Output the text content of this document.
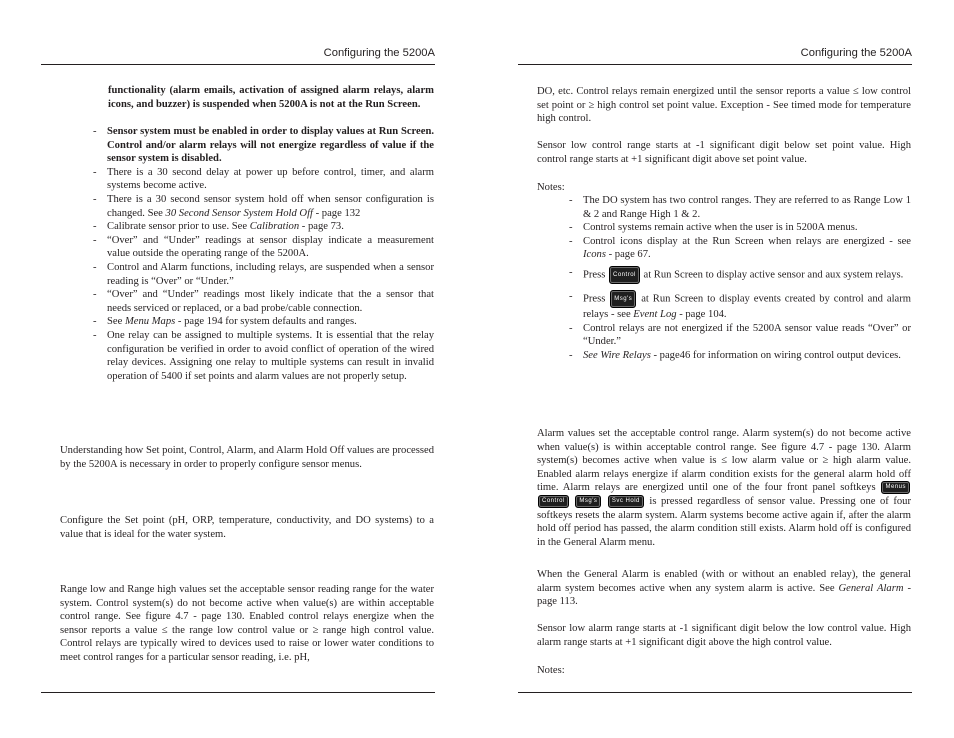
Configuring the 5200A

functionality (alarm emails, activation of assigned alarm relays, alarm icons, and buzzer) is suspended when 5200A is not at the Run Screen.

- Sensor system must be enabled in order to display values at Run Screen. Control and/or alarm relays will not energize regardless of value if the sensor system is disabled.
- There is a 30 second delay at power up before control, timer, and alarm systems become active.
- There is a 30 second sensor system hold off when sensor configuration is changed. See 30 Second Sensor System Hold Off - page 132
- Calibrate sensor prior to use. See Calibration - page 73.
- “Over” and “Under” readings at sensor display indicate a measurement value outside the operating range of the 5200A.
- Control and Alarm functions, including relays, are suspended when a sensor reading is “Over” or “Under.”
- “Over” and “Under” readings most likely indicate that the a sensor that needs serviced or replaced, or a bad probe/cable connection.
- See Menu Maps - page 194 for system defaults and ranges.
- One relay can be assigned to multiple systems. It is essential that the relay configuration be verified in order to avoid conflict of operation of the wired relay devices. Assigning one relay to multiple systems can result in invalid operation of 5400 if set points and alarm values are not properly setup.

Understanding how Set point, Control, Alarm, and Alarm Hold Off values are processed by the 5200A is necessary in order to properly configure sensor menus.

Configure the Set point (pH, ORP, temperature, conductivity, and DO systems) to a value that is ideal for the water system.

Range low and Range high values set the acceptable sensor reading range for the water system. Control system(s) do not become active when value(s) are within acceptable control range. See figure 4.7 - page 130. Enabled control relays energize when the sensor reports a value ≤ the range low control value or ≥ range high control value. Control relays are typically wired to devices used to raise or lower water conditions to meet control ranges for a particular sensor reading, i.e. pH,

Configuring the 5200A

DO, etc. Control relays remain energized until the sensor reports a value ≤ low control set point or ≥ high control set point value. Exception - See timed mode for temperature high control.

Sensor low control range starts at -1 significant digit below set point value. High control range starts at +1 significant digit above set point value.

Notes:

- The DO system has two control ranges. They are referred to as Range Low 1 & 2 and Range High 1 & 2.
- Control systems remain active when the user is in 5200A menus.
- Control icons display at the Run Screen when relays are energized - see Icons - page 67.
- Press Control at Run Screen to display active sensor and aux system relays.
- Press Msg's at Run Screen to display events created by control and alarm relays - see Event Log - page 104.
- Control relays are not energized if the 5200A sensor value reads “Over” or “Under.”
- See Wire Relays - page46 for information on wiring control output devices.

Alarm values set the acceptable control range. Alarm system(s) do not become active when value(s) is within acceptable control range. See figure 4.7 - page 130. Alarm system(s) becomes active when value is ≤ low alarm value or ≥ high alarm value. Enabled alarm relays energize if alarm condition exists for the general alarm hold off time. Alarm relays are energized until one of the four front panel softkeys Menus Control Msg's Svc Hold is pressed regardless of sensor value. Pressing one of four softkeys resets the alarm system. Alarm systems become active again if, after the alarm hold off period has passed, the alarm condition still exists. Alarm hold off is configured in the General Alarm menu.

When the General Alarm is enabled (with or without an enabled relay), the general alarm system becomes active when any system alarm is active. See General Alarm - page 113.

Sensor low alarm range starts at -1 significant digit below the low control value. High alarm range starts at +1 significant digit above the high control value.

Notes:
